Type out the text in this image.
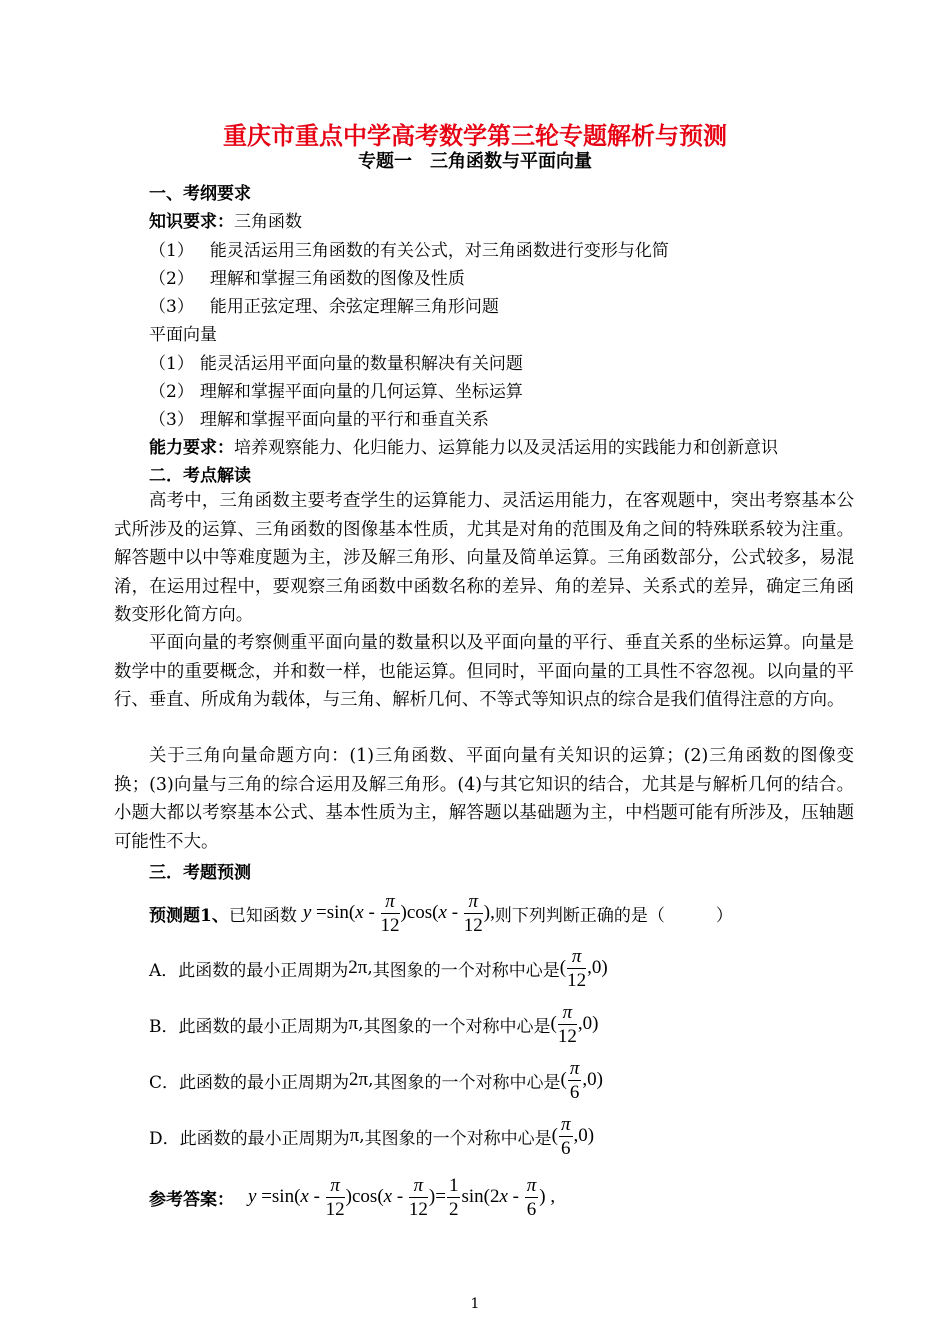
重庆市重点中学高考数学第三轮专题解析与预测
专题一　三角函数与平面向量
一、考纲要求
知识要求：三角函数
（1） 能灵活运用三角函数的有关公式，对三角函数进行变形与化简
（2） 理解和掌握三角函数的图像及性质
（3） 能用正弦定理、余弦定理解三角形问题
平面向量
（1） 能灵活运用平面向量的数量积解决有关问题
（2） 理解和掌握平面向量的几何运算、坐标运算
（3） 理解和掌握平面向量的平行和垂直关系
能力要求：培养观察能力、化归能力、运算能力以及灵活运用的实践能力和创新意识
二．考点解读
高考中，三角函数主要考查学生的运算能力、灵活运用能力，在客观题中，突出考察基本公式所涉及的运算、三角函数的图像基本性质，尤其是对角的范围及角之间的特殊联系较为注重。解答题中以中等难度题为主，涉及解三角形、向量及简单运算。三角函数部分，公式较多，易混淆，在运用过程中，要观察三角函数中函数名称的差异、角的差异、关系式的差异，确定三角函数变形化简方向。
平面向量的考察侧重平面向量的数量积以及平面向量的平行、垂直关系的坐标运算。向量是数学中的重要概念，并和数一样，也能运算。但同时，平面向量的工具性不容忽视。以向量的平行、垂直、所成角为载体，与三角、解析几何、不等式等知识点的综合是我们值得注意的方向。
关于三角向量命题方向：(1)三角函数、平面向量有关知识的运算；(2)三角函数的图像变换；(3)向量与三角的综合运用及解三角形。(4)与其它知识的结合，尤其是与解析几何的结合。小题大都以考察基本公式、基本性质为主，解答题以基础题为主，中档题可能有所涉及，压轴题可能性不大。
三．考题预测
预测题1、 已知函数 $y =\sin(x - \frac{\pi}{12} )\cos(x - \frac{\pi}{12}$ ), 则下列判断正确的是（　　　）
A． 此函数的最小正周期为 2π , 其图象的一个对称中心是 ( $\frac{\pi}{12} ,0$)
B． 此函数的最小正周期为 π , 其图象的一个对称中心是 ( $\frac{\pi}{12} ,0$)
C． 此函数的最小正周期为 2π , 其图象的一个对称中心是 ( $\frac{\pi}{6} ,0$)
D． 此函数的最小正周期为 π , 其图象的一个对称中心是 ( $\frac{\pi}{6} ,0$)
参考答案： $y =\sin(x - \frac{\pi}{12} )\cos(x - \frac{\pi}{12}$ )= $\frac{1}{2} \sin(2x - \frac{\pi}{6}$ ) ,
1
